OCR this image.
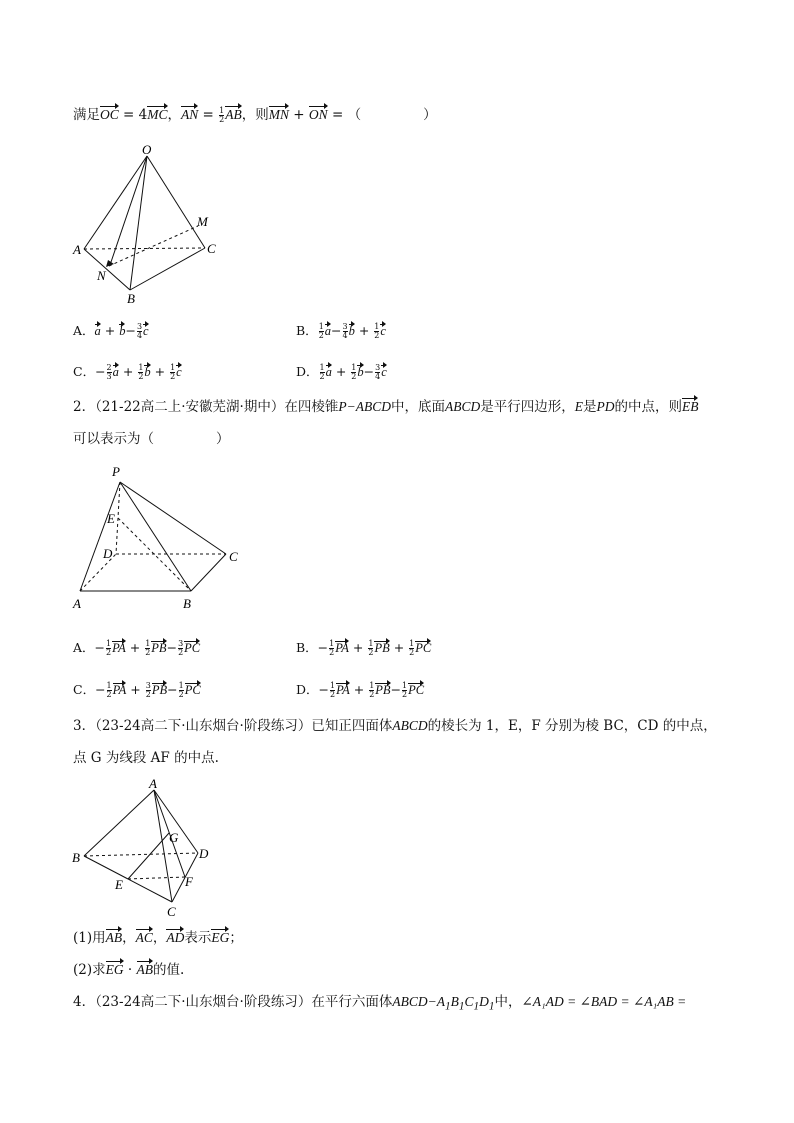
满足OC = 4MC，AN = $\frac{1}{2}$ AB，则MN + ON = （	）
O
M
A	C
N
B
A．$a + b- \frac{3}{4}$ c	B． $\frac{1}{2} a- \frac{3}{4}$ $b + \frac{1}{2}$ c
C．− $\frac{2}{3}$ $a + \frac{1}{2}$ $b + \frac{1}{2}$ c	D． $\frac{1}{2}$ $a + \frac{1}{2} b- \frac{3}{4}$ c
2．（21-22高二上·安徽芜湖·期中）在四棱锥P−ABCD中，底面ABCD是平行四边形，E是PD的中点，则EB
可以表示为（	）
P
E
D	C
A	B
A．− $\frac{1}{2}$ PA + $\frac{1}{2} PB- \frac{3}{2}$ PC	B．− $\frac{1}{2}$ PA + $\frac{1}{2}$ PB + $\frac{1}{2}$ PC
C．− $\frac{1}{2}$ PA + $\frac{3}{2} PB- \frac{1}{2}$ PC	D．− $\frac{1}{2}$ PA + $\frac{1}{2} PB- \frac{1}{2}$ PC
3．（23-24高二下·山东烟台·阶段练习）已知正四面体ABCD的棱长为 1，E，F 分别为棱 BC，CD 的中点，
点 G 为线段 AF 的中点.
A
G
B	D
E	F
C
(1)用AB，AC，AD表示EG；
(2)求EG · AB的值.
4．（23-24高二下·山东烟台·阶段练习）在平行六面体$ABCD-A_1B_1C_1D_1$中，∠A₁AD = ∠BAD = ∠A₁AB =
